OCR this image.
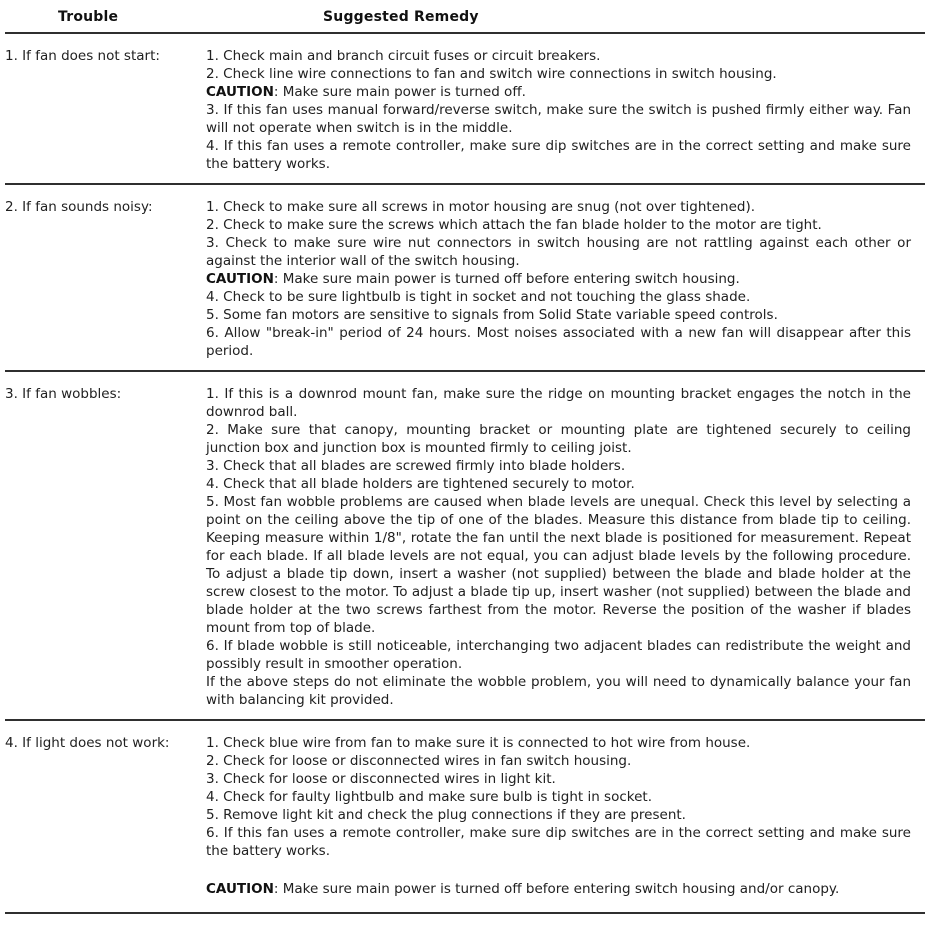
Trouble	Suggested Remedy
1. If fan does not start:	1. Check main and branch circuit fuses or circuit breakers.

2. Check line wire connections to fan and switch wire connections in switch housing.

CAUTION: Make sure main power is turned off.

3. If this fan uses manual forward/reverse switch, make sure the switch is pushed firmly either way. Fan will not operate when switch is in the middle.

4. If this fan uses a remote controller, make sure dip switches are in the correct setting and make sure the battery works.

2. If fan sounds noisy:	1. Check to make sure all screws in motor housing are snug (not over tightened).

2. Check to make sure the screws which attach the fan blade holder to the motor are tight.

3. Check to make sure wire nut connectors in switch housing are not rattling against each other or against the interior wall of the switch housing.

CAUTION: Make sure main power is turned off before entering switch housing.

4. Check to be sure lightbulb is tight in socket and not touching the glass shade.

5. Some fan motors are sensitive to signals from Solid State variable speed controls.

6. Allow "break-in" period of 24 hours. Most noises associated with a new fan will disappear after this period.

3. If fan wobbles:	1. If this is a downrod mount fan, make sure the ridge on mounting bracket engages the notch in the downrod ball.

2. Make sure that canopy, mounting bracket or mounting plate are tightened securely to ceiling junction box and junction box is mounted firmly to ceiling joist.

3. Check that all blades are screwed firmly into blade holders.

4. Check that all blade holders are tightened securely to motor.

5. Most fan wobble problems are caused when blade levels are unequal. Check this level by selecting a point on the ceiling above the tip of one of the blades. Measure this distance from blade tip to ceiling. Keeping measure within 1/8", rotate the fan until the next blade is positioned for measurement. Repeat for each blade. If all blade levels are not equal, you can adjust blade levels by the following procedure. To adjust a blade tip down, insert a washer (not supplied) between the blade and blade holder at the screw closest to the motor. To adjust a blade tip up, insert washer (not supplied) between the blade and blade holder at the two screws farthest from the motor. Reverse the position of the washer if blades mount from top of blade.

6. If blade wobble is still noticeable, interchanging two adjacent blades can redistribute the weight and possibly result in smoother operation.

If the above steps do not eliminate the wobble problem, you will need to dynamically balance your fan with balancing kit provided.

4. If light does not work:	1. Check blue wire from fan to make sure it is connected to hot wire from house.

2. Check for loose or disconnected wires in fan switch housing.

3. Check for loose or disconnected wires in light kit.

4. Check for faulty lightbulb and make sure bulb is tight in socket.

5. Remove light kit and check the plug connections if they are present.

6. If this fan uses a remote controller, make sure dip switches are in the correct setting and make sure the battery works.

CAUTION: Make sure main power is turned off before entering switch housing and/or canopy.
